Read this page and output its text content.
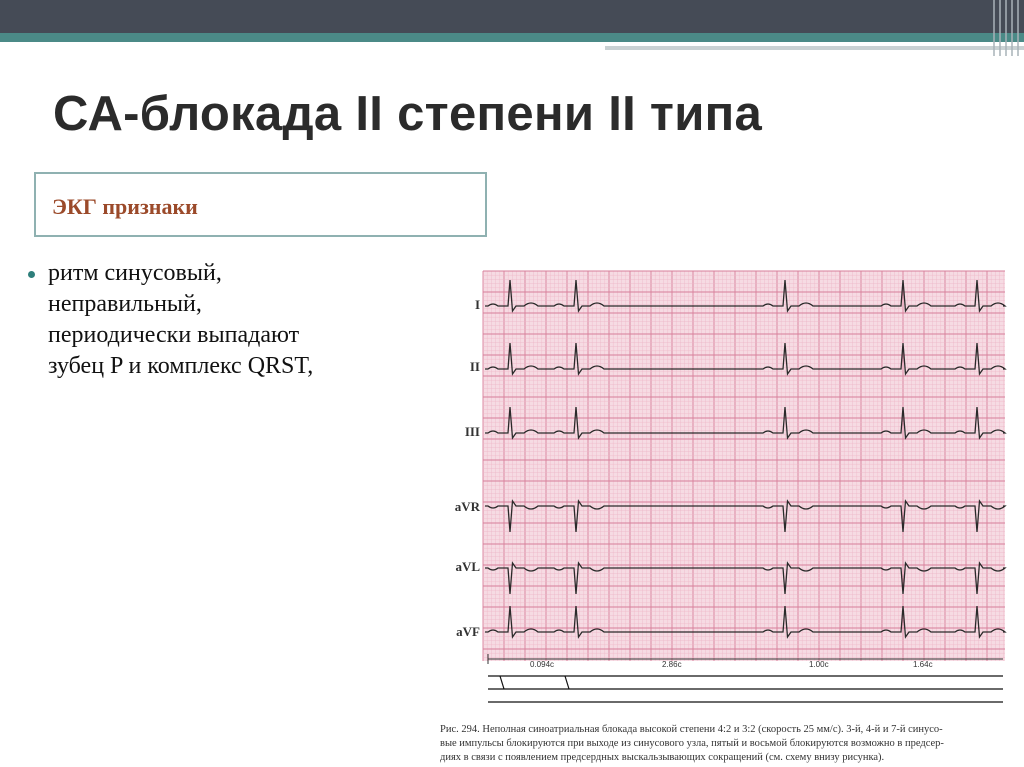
СА-блокада II степени II типа
ЭКГ признаки
ритм синусовый,
неправильный,
периодически выпадают
зубец P и комплекс QRST,
0.094с	2.86с	1.00с	1.64с
I
II
III
aVR
aVL
aVF
Рис. 294. Неполная синоатриальная блокада высокой степени 4:2 и 3:2 (скорость 25 мм/с). 3-й, 4-й и 7-й синусо-
вые импульсы блокируются при выходе из синусового узла, пятый и восьмой блокируются возможно в предсер-
диях в связи с появлением предсердных выскальзывающих сокращений (см. схему внизу рисунка).
